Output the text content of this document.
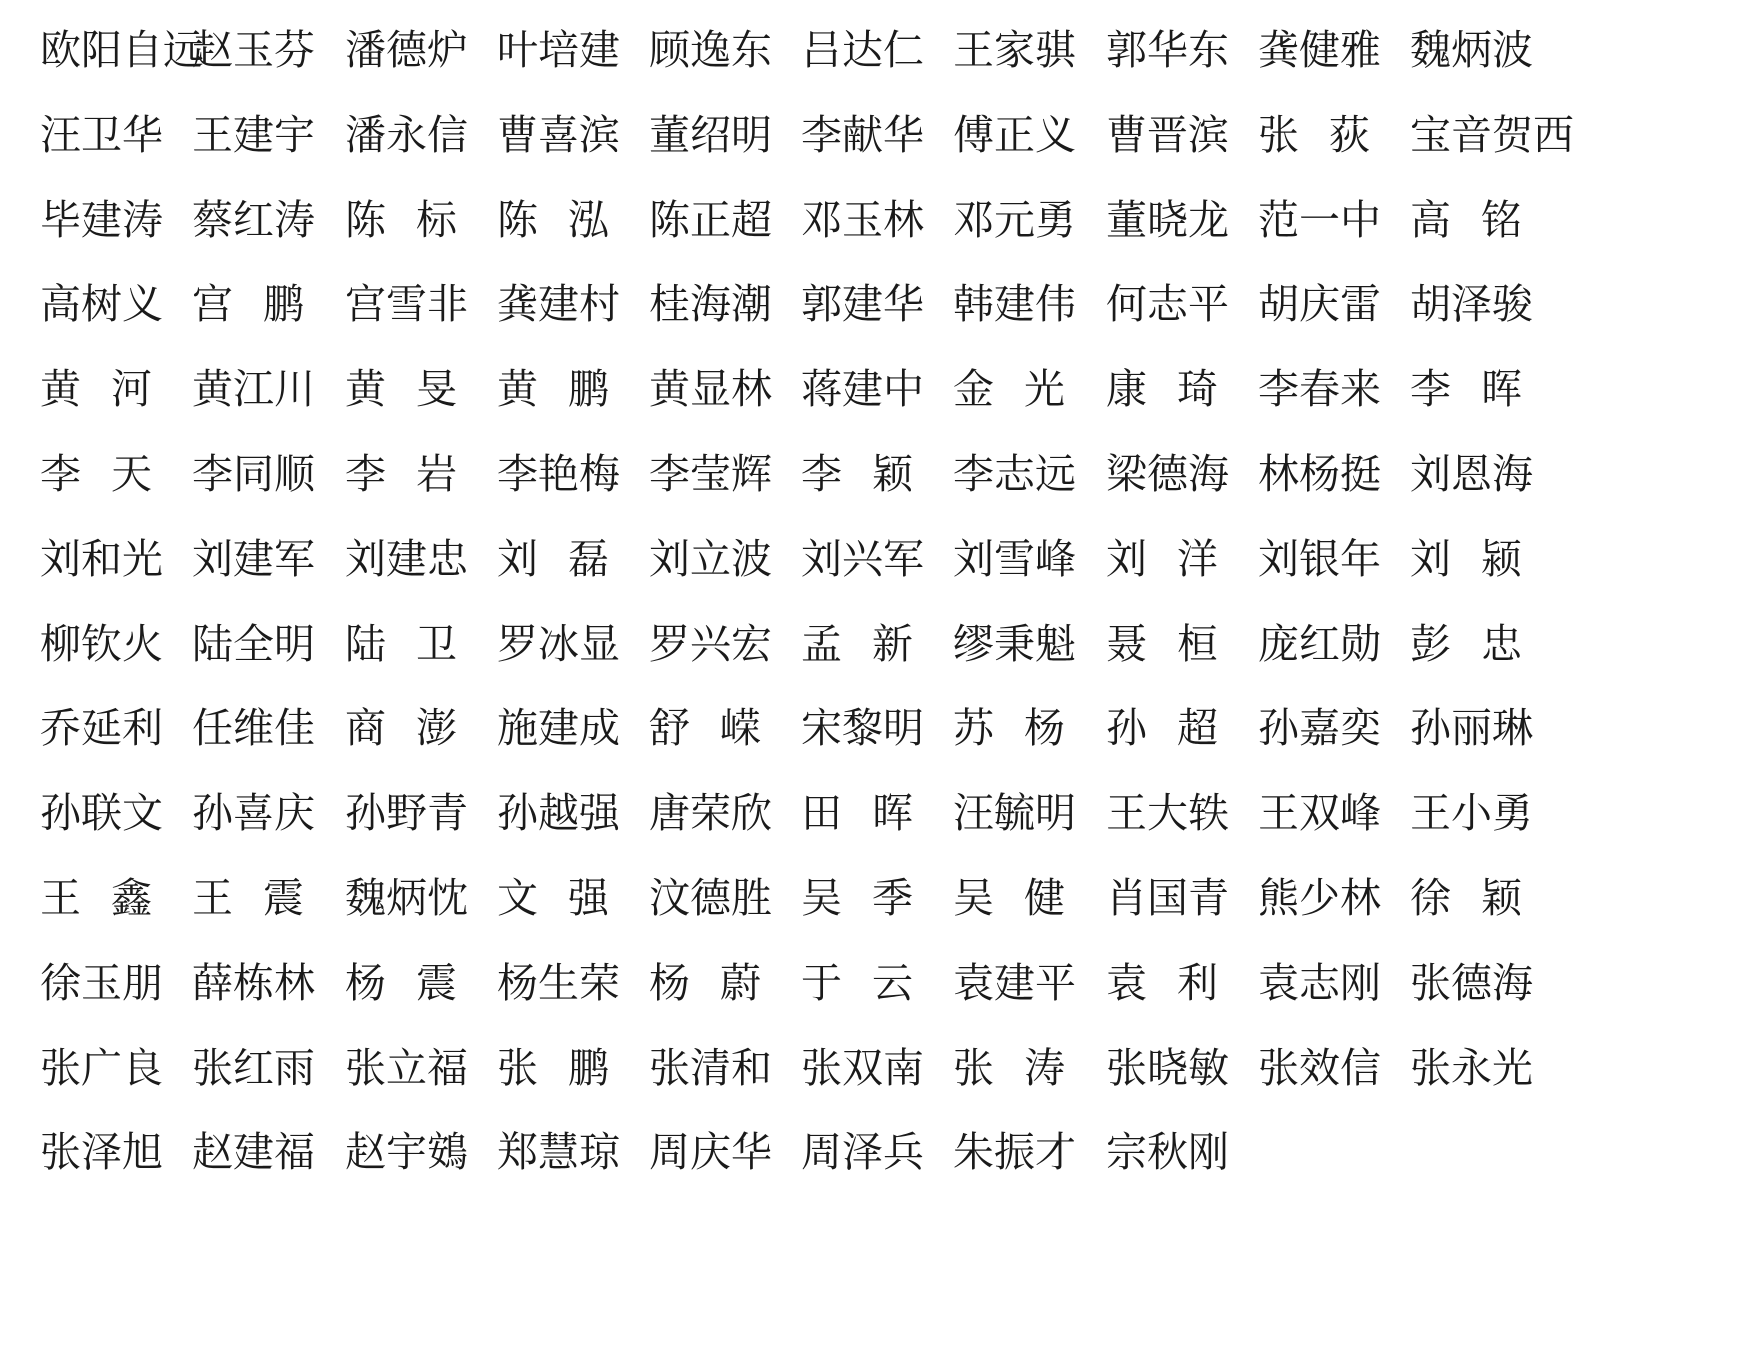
欧阳自远
赵玉芬 潘德炉 叶培建 顾逸东 吕达仁 王家骐 郭华东 龚健雅 魏炳波
汪卫华 王建宇 潘永信 曹喜滨 董绍明 李献华 傅正义 曹晋滨 张 荻 宝音贺西
毕建涛 蔡红涛 陈 标 陈 泓 陈正超 邓玉林 邓元勇 董晓龙 范一中 高 铭
高树义 宫 鹏 宫雪非 龚建村 桂海潮 郭建华 韩建伟 何志平 胡庆雷 胡泽骏
黄 河 黄江川 黄 旻 黄 鹏 黄显林 蒋建中 金 光 康 琦 李春来 李 晖
李 天 李同顺 李 岩 李艳梅 李莹辉 李 颖 李志远 梁德海 林杨挺 刘恩海
刘和光 刘建军 刘建忠 刘 磊 刘立波 刘兴军 刘雪峰 刘 洋 刘银年 刘 颍
柳钦火 陆全明 陆 卫 罗冰显 罗兴宏 孟 新 缪秉魁 聂 桓 庞红勋 彭 忠
乔延利 任维佳 商 澎 施建成 舒 嵘 宋黎明 苏 杨 孙 超 孙嘉奕 孙丽琳
孙联文 孙喜庆 孙野青 孙越强 唐荣欣 田 晖 汪毓明 王大轶 王双峰 王小勇
王 鑫 王 震 魏炳忱 文 强 汶德胜 吴 季 吴 健 肖国青 熊少林 徐 颖
徐玉朋 薛栋林 杨 震 杨生荣 杨 蔚 于 云 袁建平 袁 利 袁志刚 张德海
张广良 张红雨 张立福 张 鹏 张清和 张双南 张 涛 张晓敏 张效信 张永光
张泽旭 赵建福 赵宇鴳 郑慧琼 周庆华 周泽兵 朱振才 宗秋刚
